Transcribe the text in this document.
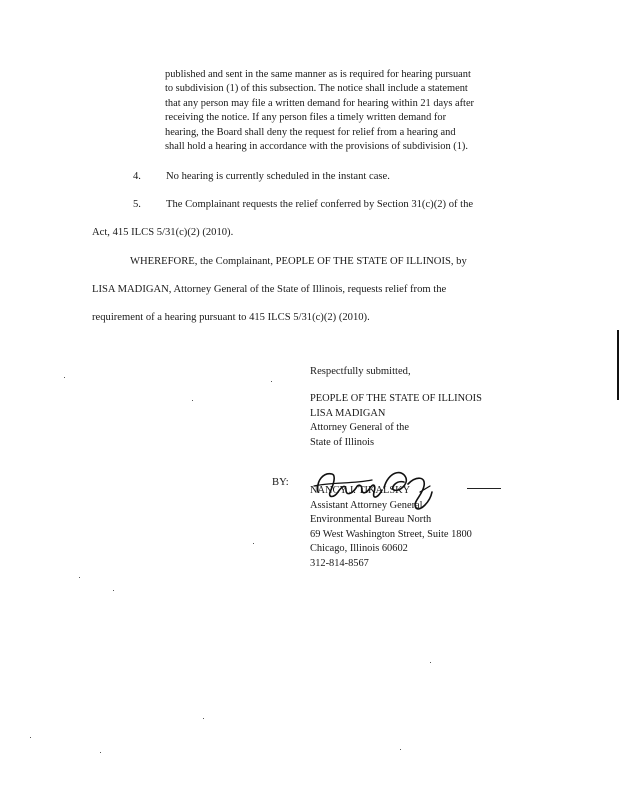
published and sent in the same manner as is required for hearing pursuant
to subdivision (1) of this subsection. The notice shall include a statement
that any person may file a written demand for hearing within 21 days after
receiving the notice. If any person files a timely written demand for
hearing, the Board shall deny the request for relief from a hearing and
shall hold a hearing in accordance with the provisions of subdivision (1).
4. No hearing is currently scheduled in the instant case.
5. The Complainant requests the relief conferred by Section 31(c)(2) of the
Act, 415 ILCS 5/31(c)(2) (2010).
WHEREFORE, the Complainant, PEOPLE OF THE STATE OF ILLINOIS, by
LISA MADIGAN, Attorney General of the State of Illinois, requests relief from the
requirement of a hearing pursuant to 415 ILCS 5/31(c)(2) (2010).
Respectfully submitted,
PEOPLE OF THE STATE OF ILLINOIS
LISA MADIGAN
Attorney General of the
State of Illinois
BY:
NANCY J. TIKALSKY
Assistant Attorney General
Environmental Bureau North
69 West Washington Street, Suite 1800
Chicago, Illinois 60602
312-814-8567
